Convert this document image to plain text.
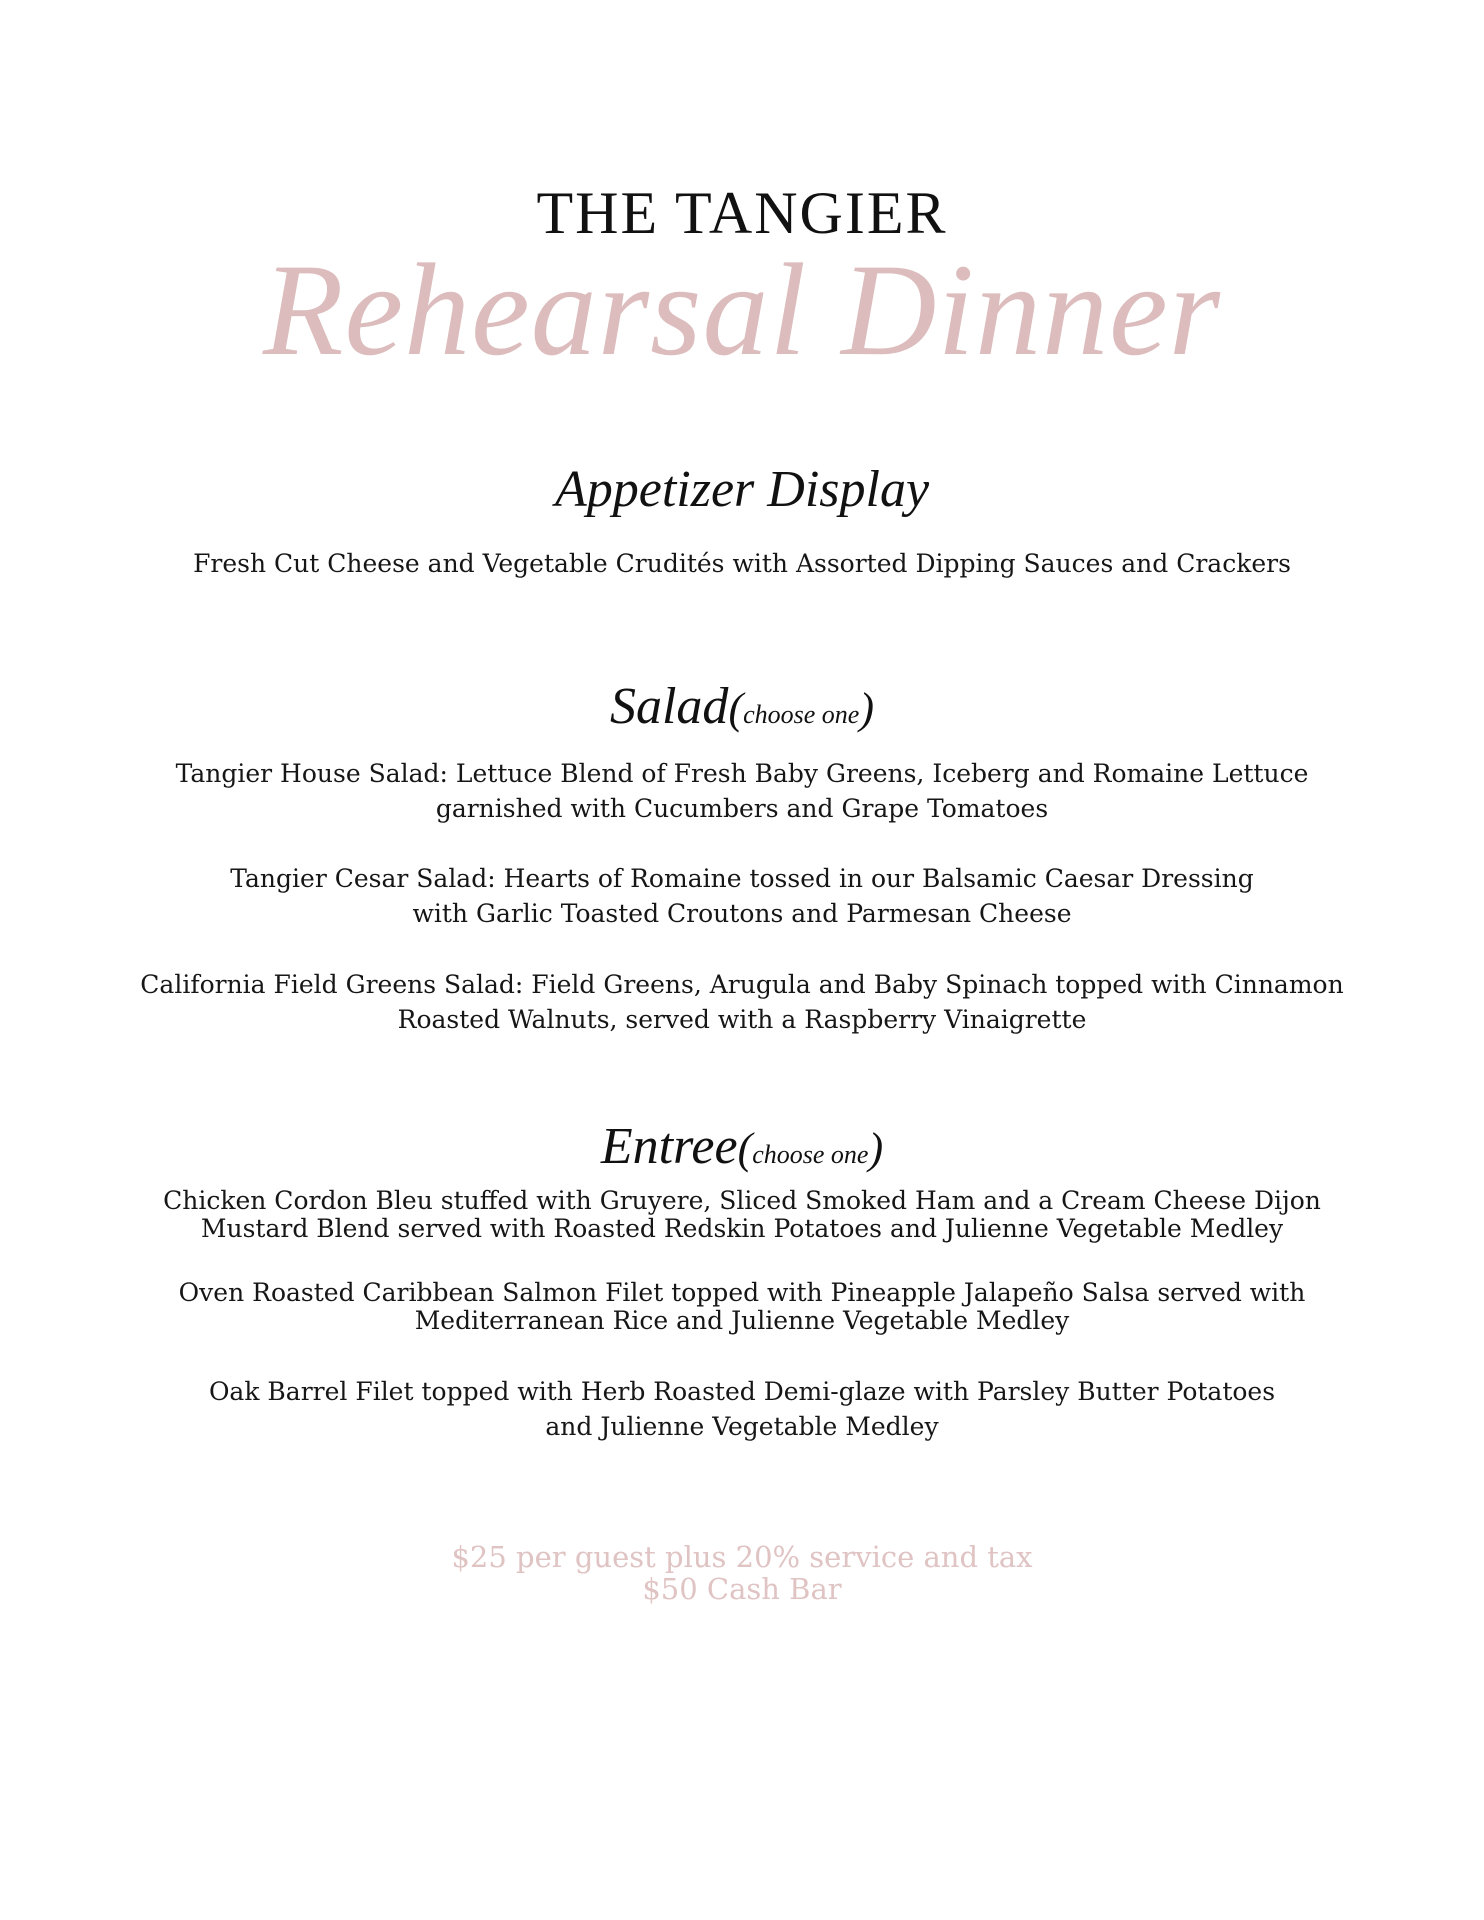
THE TANGIER
Rehearsal Dinner
Appetizer Display
Fresh Cut Cheese and Vegetable Crudités with Assorted Dipping Sauces and Crackers
Salad(choose one)
Tangier House Salad: Lettuce Blend of Fresh Baby Greens, Iceberg and Romaine Lettuce
garnished with Cucumbers and Grape Tomatoes
Tangier Cesar Salad: Hearts of Romaine tossed in our Balsamic Caesar Dressing
with Garlic Toasted Croutons and Parmesan Cheese
California Field Greens Salad: Field Greens, Arugula and Baby Spinach topped with Cinnamon
Roasted Walnuts, served with a Raspberry Vinaigrette
Entree(choose one)
Chicken Cordon Bleu stuffed with Gruyere, Sliced Smoked Ham and a Cream Cheese Dijon
Mustard Blend served with Roasted Redskin Potatoes and Julienne Vegetable Medley
Oven Roasted Caribbean Salmon Filet topped with Pineapple Jalapeño Salsa served with
Mediterranean Rice and Julienne Vegetable Medley
Oak Barrel Filet topped with Herb Roasted Demi-glaze with Parsley Butter Potatoes
and Julienne Vegetable Medley
$25 per guest plus 20% service and tax
$50 Cash Bar
